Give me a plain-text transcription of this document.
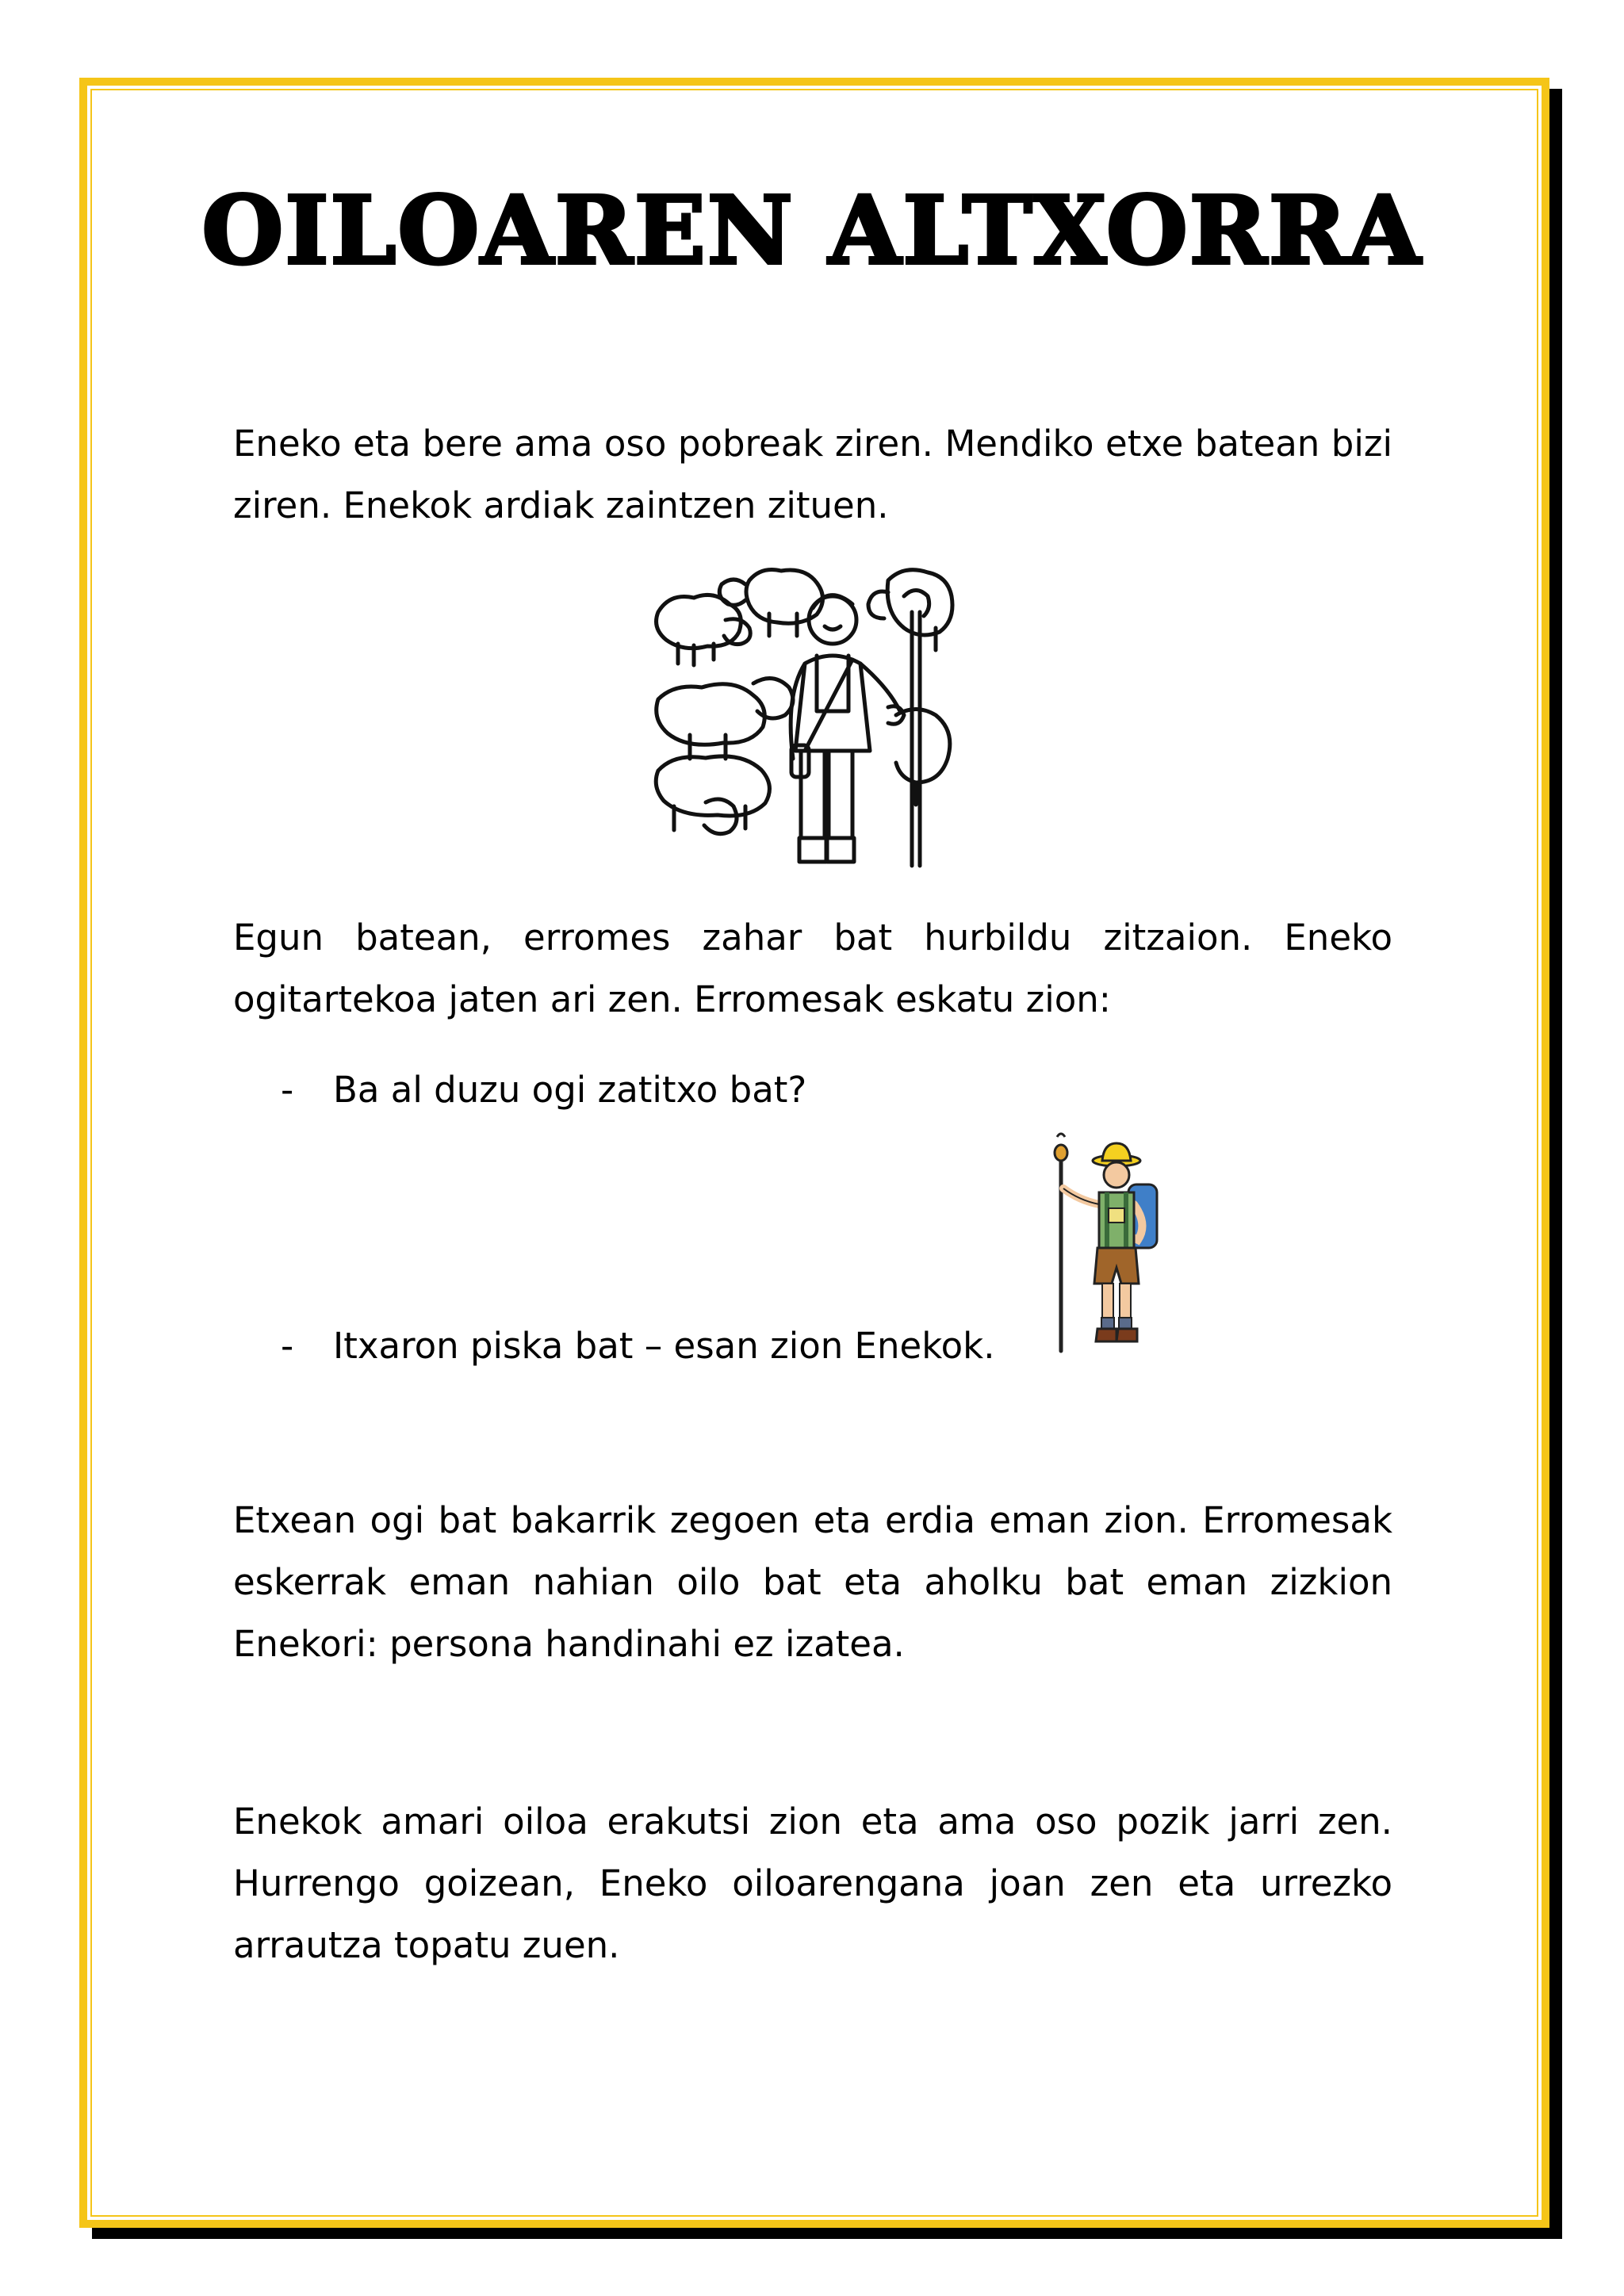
OILOAREN ALTXORRA

Eneko eta bere ama oso pobreak ziren. Mendiko etxe batean bizi ziren. Enekok ardiak zaintzen zituen.

Egun batean, erromes zahar bat hurbildu zitzaion. Eneko ogitartekoa jaten ari zen. Erromesak eskatu zion:

- Ba al duzu ogi zatitxo bat?
- Itxaron piska bat – esan zion Enekok.

Etxean ogi bat bakarrik zegoen eta erdia eman zion. Erromesak eskerrak eman nahian oilo bat eta aholku bat eman zizkion Enekori: persona handinahi ez izatea.

Enekok amari oiloa erakutsi zion eta ama oso pozik jarri zen. Hurrengo goizean, Eneko oiloarengana joan zen eta urrezko arrautza topatu zuen.
